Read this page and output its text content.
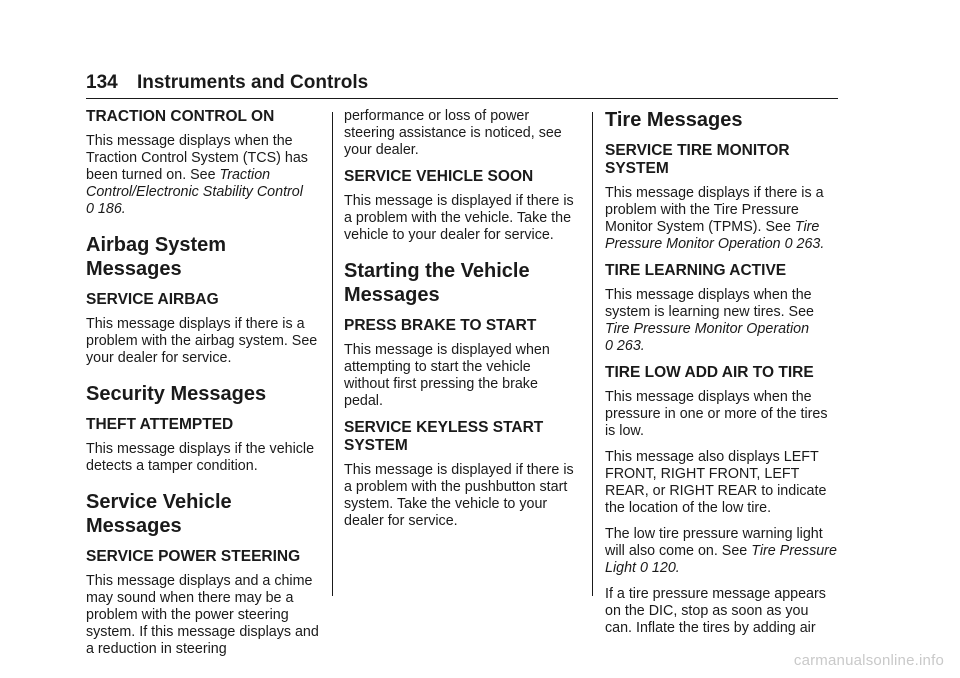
134 Instruments and Controls
TRACTION CONTROL ON

This message displays when the Traction Control System (TCS) has been turned on. See Traction Control/Electronic Stability Control
0 186.

Airbag System Messages
SERVICE AIRBAG

This message displays if there is a problem with the airbag system. See your dealer for service.

Security Messages
THEFT ATTEMPTED

This message displays if the vehicle detects a tamper condition.

Service Vehicle Messages
SERVICE POWER STEERING

This message displays and a chime may sound when there may be a problem with the power steering system. If this message displays and a reduction in steering

performance or loss of power steering assistance is noticed, see your dealer.

SERVICE VEHICLE SOON

This message is displayed if there is a problem with the vehicle. Take the vehicle to your dealer for service.

Starting the Vehicle Messages
PRESS BRAKE TO START

This message is displayed when attempting to start the vehicle without first pressing the brake pedal.

SERVICE KEYLESS START SYSTEM

This message is displayed if there is a problem with the pushbutton start system. Take the vehicle to your dealer for service.

Tire Messages
SERVICE TIRE MONITOR SYSTEM

This message displays if there is a problem with the Tire Pressure Monitor System (TPMS). See Tire Pressure Monitor Operation 0 263.

TIRE LEARNING ACTIVE

This message displays when the system is learning new tires. See Tire Pressure Monitor Operation
0 263.

TIRE LOW ADD AIR TO TIRE

This message displays when the pressure in one or more of the tires is low.

This message also displays LEFT FRONT, RIGHT FRONT, LEFT REAR, or RIGHT REAR to indicate the location of the low tire.

The low tire pressure warning light will also come on. See Tire Pressure Light 0 120.

If a tire pressure message appears on the DIC, stop as soon as you can. Inflate the tires by adding air

carmanualsonline.info
